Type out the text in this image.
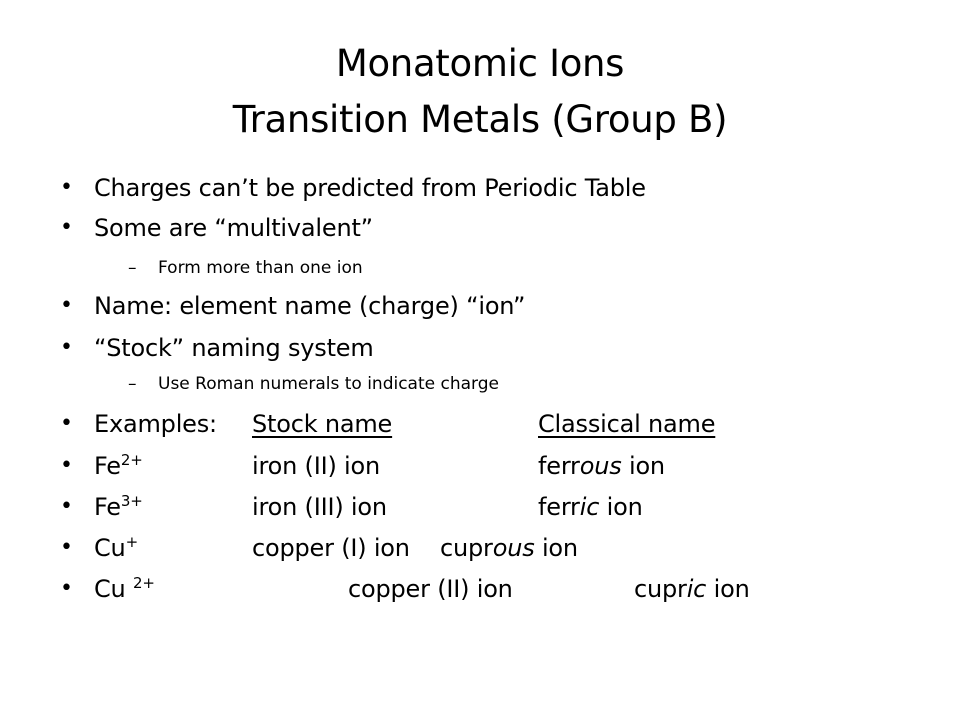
Monatomic Ions
Transition Metals (Group B)
• Charges can’t be predicted from Periodic Table
• Some are “multivalent”
– Form more than one ion
• Name: element name (charge) “ion”
• “Stock” naming system
– Use Roman numerals to indicate charge
• Examples: Stock name	Classical name
• $Fe^{2+}$	iron (II) ion	ferrous ion
• $Fe^{3+}$	iron (III) ion	ferric ion
• Cu+	copper (I) ion cuprous ion
• Cu $^{2+}$	copper (II) ion	cupric ion
